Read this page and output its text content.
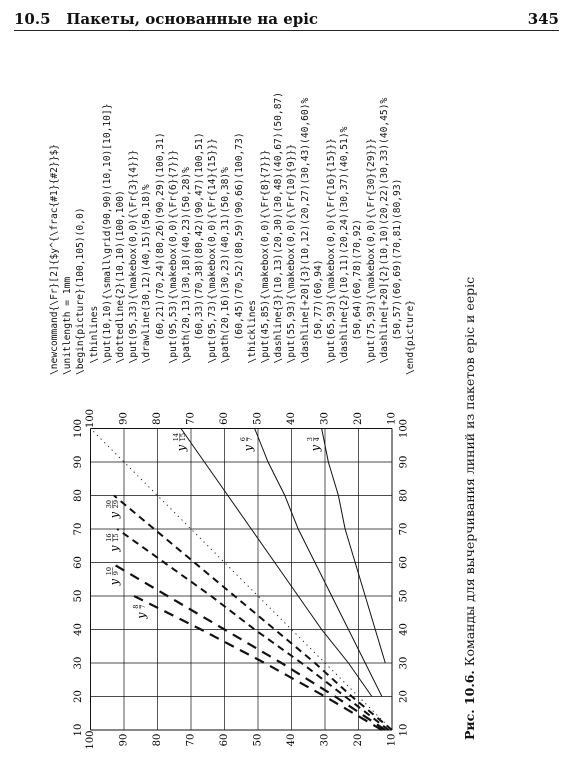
10.5 Пакеты, основанные на epic	345
10
10
20
20
30
30
40
40
50
50
60
60
70
70
80
80
90
90
100
100
10
10
20
20
30
30
40
40
50
50
60
60
70
70
80
80
90
90
100
100
y
3 4
y
6 7
y
14 15
y
8 7
y
10 9
y
16 15
y
30 29
\newcommand{\Fr}[2]{$y^{\frac{#1}{#2}}$} \unitlength = 1mm \begin{picture}(100,105)(0,0) \thinlines \put(10,10){\small\grid(90,90)(10,10)[10,10]} \dottedline{2}(10,10)(100,100) \put(95,33){\makebox(0,0){\Fr{3}{4}}} \drawline(30,12)(40,15)(50,18)% (60,21)(70,24)(80,26)(90,29)(100,31) \put(95,53){\makebox(0,0){\Fr{6}{7}}} \path(20,13)(30,18)(40,23)(50,28)% (60,33)(70,38)(80,42)(90,47)(100,51) \put(95,73){\makebox(0,0){\Fr{14}{15}}} \path(20,16)(30,23)(40,31)(50,38)% (60,45)(70,52)(80,59)(90,66)(100,73) \thicklines \put(45,85){\makebox(0,0){\Fr{8}{7}}} \dashline{3}(10,13)(20,30)(30,48)(40,67)(50,87) \put(55,93){\makebox(0,0){\Fr{10}{9}}} \dashline[+20]{3}(10,12)(20,27)(30,43)(40,60)% (50,77)(60,94) \put(65,93){\makebox(0,0){\Fr{16}{15}}} \dashline{2}(10,11)(20,24)(30,37)(40,51)% (50,64)(60,78)(70,92) \put(75,93){\makebox(0,0){\Fr{30}{29}}} \dashline[+20]{2}(10,10)(20,22)(30,33)(40,45)% (50,57)(60,69)(70,81)(80,93) \end{picture}
Рис. 10.6. Команды для вычерчивания линий из пакетов epic и eepic
